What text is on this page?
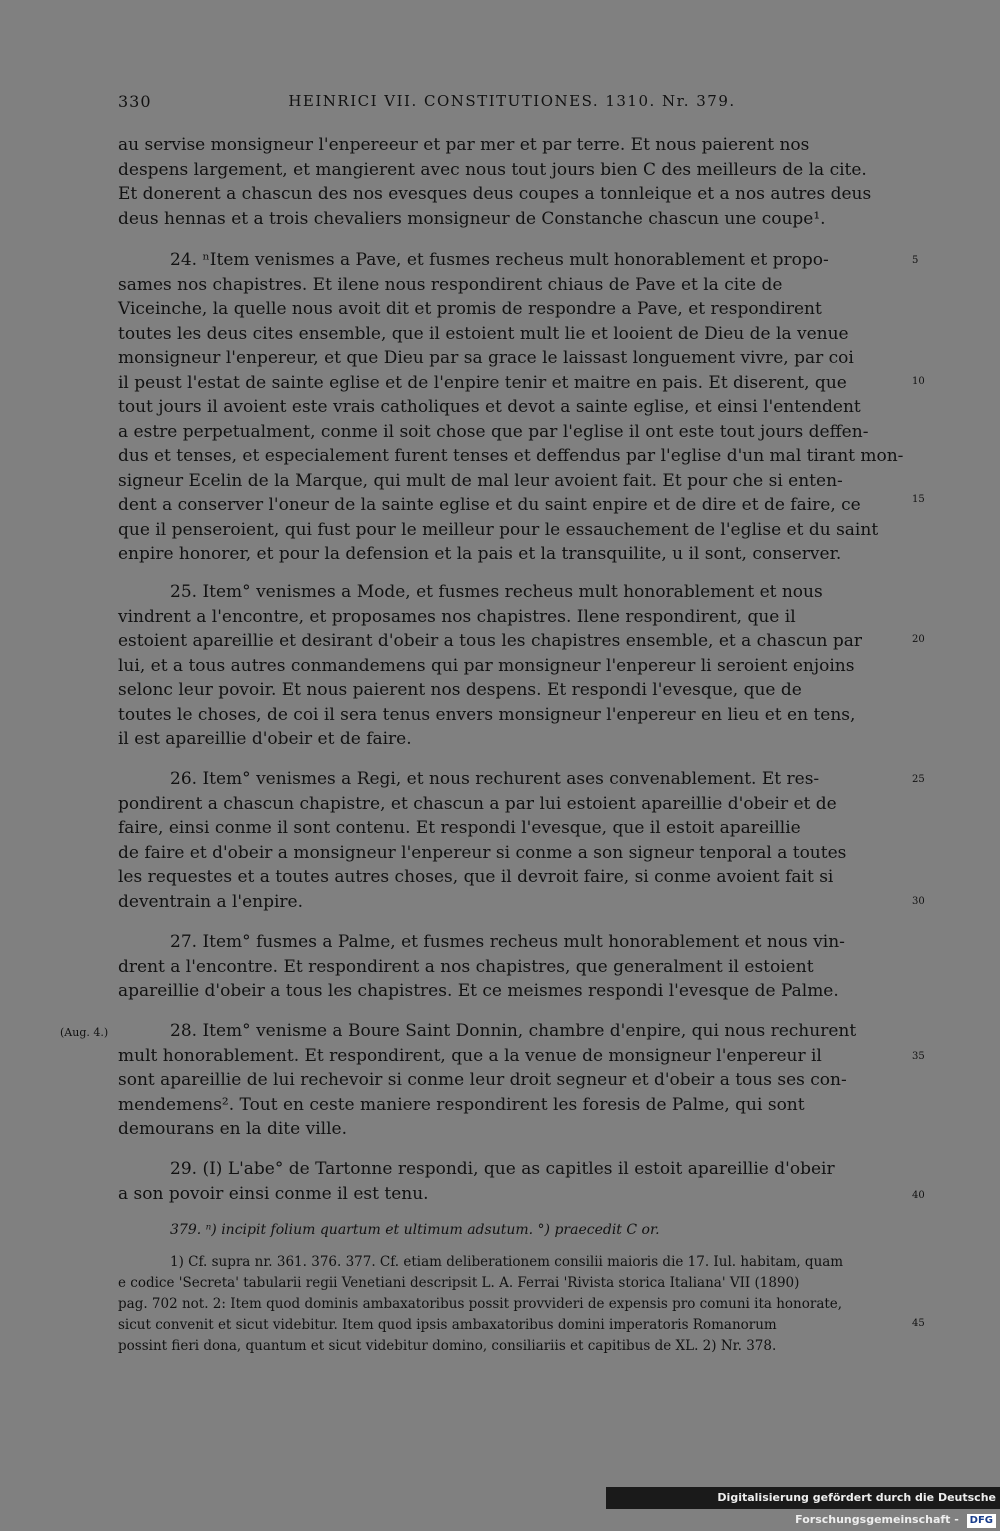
330	HEINRICI VII. CONSTITUTIONES. 1310. Nr. 379.
au servise monsigneur l'enpereeur et par mer et par terre. Et nous paierent nos
despens largement, et mangierent avec nous tout jours bien C des meilleurs de la cite.
Et donerent a chascun des nos evesques deus coupes a tonnleique et a nos autres deus
deus hennas et a trois chevaliers monsigneur de Constanche chascun une coupe¹.
24. ⁿItem venismes a Pave, et fusmes recheus mult honorablement et propo-
sames nos chapistres. Et ilene nous respondirent chiaus de Pave et la cite de
Viceinche, la quelle nous avoit dit et promis de respondre a Pave, et respondirent
toutes les deus cites ensemble, que il estoient mult lie et looient de Dieu de la venue
monsigneur l'enpereur, et que Dieu par sa grace le laissast longuement vivre, par coi
il peust l'estat de sainte eglise et de l'enpire tenir et maitre en pais. Et diserent, que
tout jours il avoient este vrais catholiques et devot a sainte eglise, et einsi l'entendent
a estre perpetualment, conme il soit chose que par l'eglise il ont este tout jours deffen-
dus et tenses, et especialement furent tenses et deffendus par l'eglise d'un mal tirant mon-
signeur Ecelin de la Marque, qui mult de mal leur avoient fait. Et pour che si enten-
dent a conserver l'oneur de la sainte eglise et du saint enpire et de dire et de faire, ce
que il penseroient, qui fust pour le meilleur pour le essauchement de l'eglise et du saint
enpire honorer, et pour la defension et la pais et la transquilite, u il sont, conserver.
25. Item° venismes a Mode, et fusmes recheus mult honorablement et nous
vindrent a l'encontre, et proposames nos chapistres. Ilene respondirent, que il
estoient apareillie et desirant d'obeir a tous les chapistres ensemble, et a chascun par
lui, et a tous autres conmandemens qui par monsigneur l'enpereur li seroient enjoins
selonc leur povoir. Et nous paierent nos despens. Et respondi l'evesque, que de
toutes le choses, de coi il sera tenus envers monsigneur l'enpereur en lieu et en tens,
il est apareillie d'obeir et de faire.
26. Item° venismes a Regi, et nous rechurent ases convenablement. Et res-
pondirent a chascun chapistre, et chascun a par lui estoient apareillie d'obeir et de
faire, einsi conme il sont contenu. Et respondi l'evesque, que il estoit apareillie
de faire et d'obeir a monsigneur l'enpereur si conme a son signeur tenporal a toutes
les requestes et a toutes autres choses, que il devroit faire, si conme avoient fait si
deventrain a l'enpire.
27. Item° fusmes a Palme, et fusmes recheus mult honorablement et nous vin-
drent a l'encontre. Et respondirent a nos chapistres, que generalment il estoient
apareillie d'obeir a tous les chapistres. Et ce meismes respondi l'evesque de Palme.
(Aug. 4.)	28. Item° venisme a Boure Saint Donnin, chambre d'enpire, qui nous rechurent
mult honorablement. Et respondirent, que a la venue de monsigneur l'enpereur il
sont apareillie de lui rechevoir si conme leur droit segneur et d'obeir a tous ses con-
mendemens². Tout en ceste maniere respondirent les foresis de Palme, qui sont
demourans en la dite ville.
29. (I) L'abe° de Tartonne respondi, que as capitles il estoit apareillie d'obeir
a son povoir einsi conme il est tenu.
5
10
15
20
25
30
35
40
45
379. ⁿ) incipit folium quartum et ultimum adsutum. °) praecedit C or.
1) Cf. supra nr. 361. 376. 377. Cf. etiam deliberationem consilii maioris die 17. Iul. habitam, quam
e codice 'Secreta' tabularii regii Venetiani descripsit L. A. Ferrai 'Rivista storica Italiana' VII (1890)
pag. 702 not. 2: Item quod dominis ambaxatoribus possit provvideri de expensis pro comuni ita honorate,
sicut convenit et sicut videbitur. Item quod ipsis ambaxatoribus domini imperatoris Romanorum
possint fieri dona, quantum et sicut videbitur domino, consiliariis et capitibus de XL. 2) Nr. 378.
Digitalisierung gefördert durch die Deutsche Forschungsgemeinschaft - DFG
